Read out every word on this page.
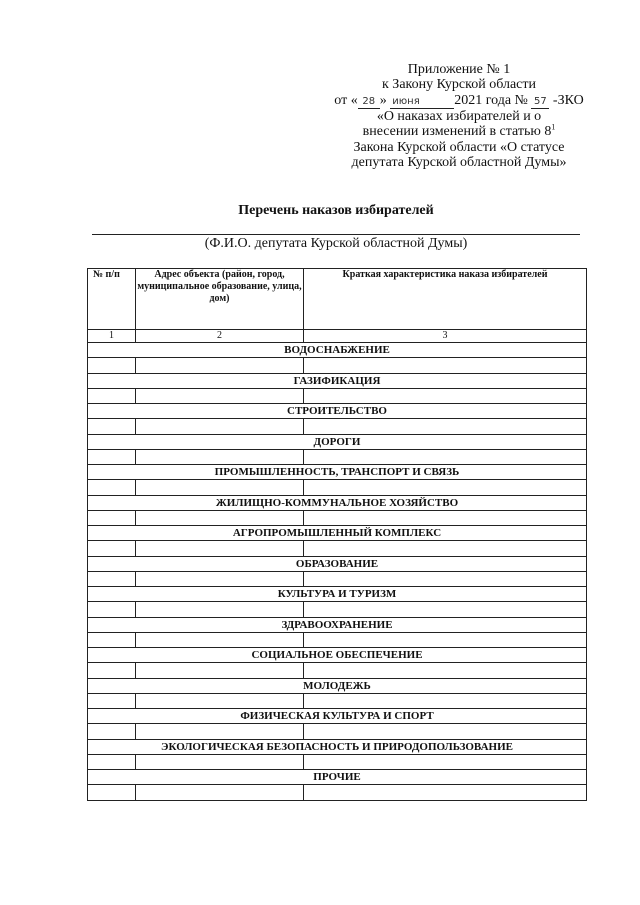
Приложение № 1
к Закону Курской области
от « 28 » июня 2021 года № 57 -ЗКО
«О наказах избирателей и о
внесении изменений в статью $8^1$
Закона Курской области «О статусе
депутата Курской областной Думы»
Перечень наказов избирателей
(Ф.И.О. депутата Курской областной Думы)
№ п/п	Адрес объекта (район, город, муниципальное образование, улица, дом)	Краткая характеристика наказа избирателей
1	2	3
ВОДОСНАБЖЕНИЕ		

ГАЗИФИКАЦИЯ		

СТРОИТЕЛЬСТВО		

ДОРОГИ		

ПРОМЫШЛЕННОСТЬ, ТРАНСПОРТ И СВЯЗЬ		

ЖИЛИЩНО-КОММУНАЛЬНОЕ ХОЗЯЙСТВО		

АГРОПРОМЫШЛЕННЫЙ КОМПЛЕКС		

ОБРАЗОВАНИЕ		

КУЛЬТУРА И ТУРИЗМ		

ЗДРАВООХРАНЕНИЕ		

СОЦИАЛЬНОЕ ОБЕСПЕЧЕНИЕ		

МОЛОДЕЖЬ		

ФИЗИЧЕСКАЯ КУЛЬТУРА И СПОРТ		

ЭКОЛОГИЧЕСКАЯ БЕЗОПАСНОСТЬ И ПРИРОДОПОЛЬЗОВАНИЕ		

ПРОЧИЕ		
